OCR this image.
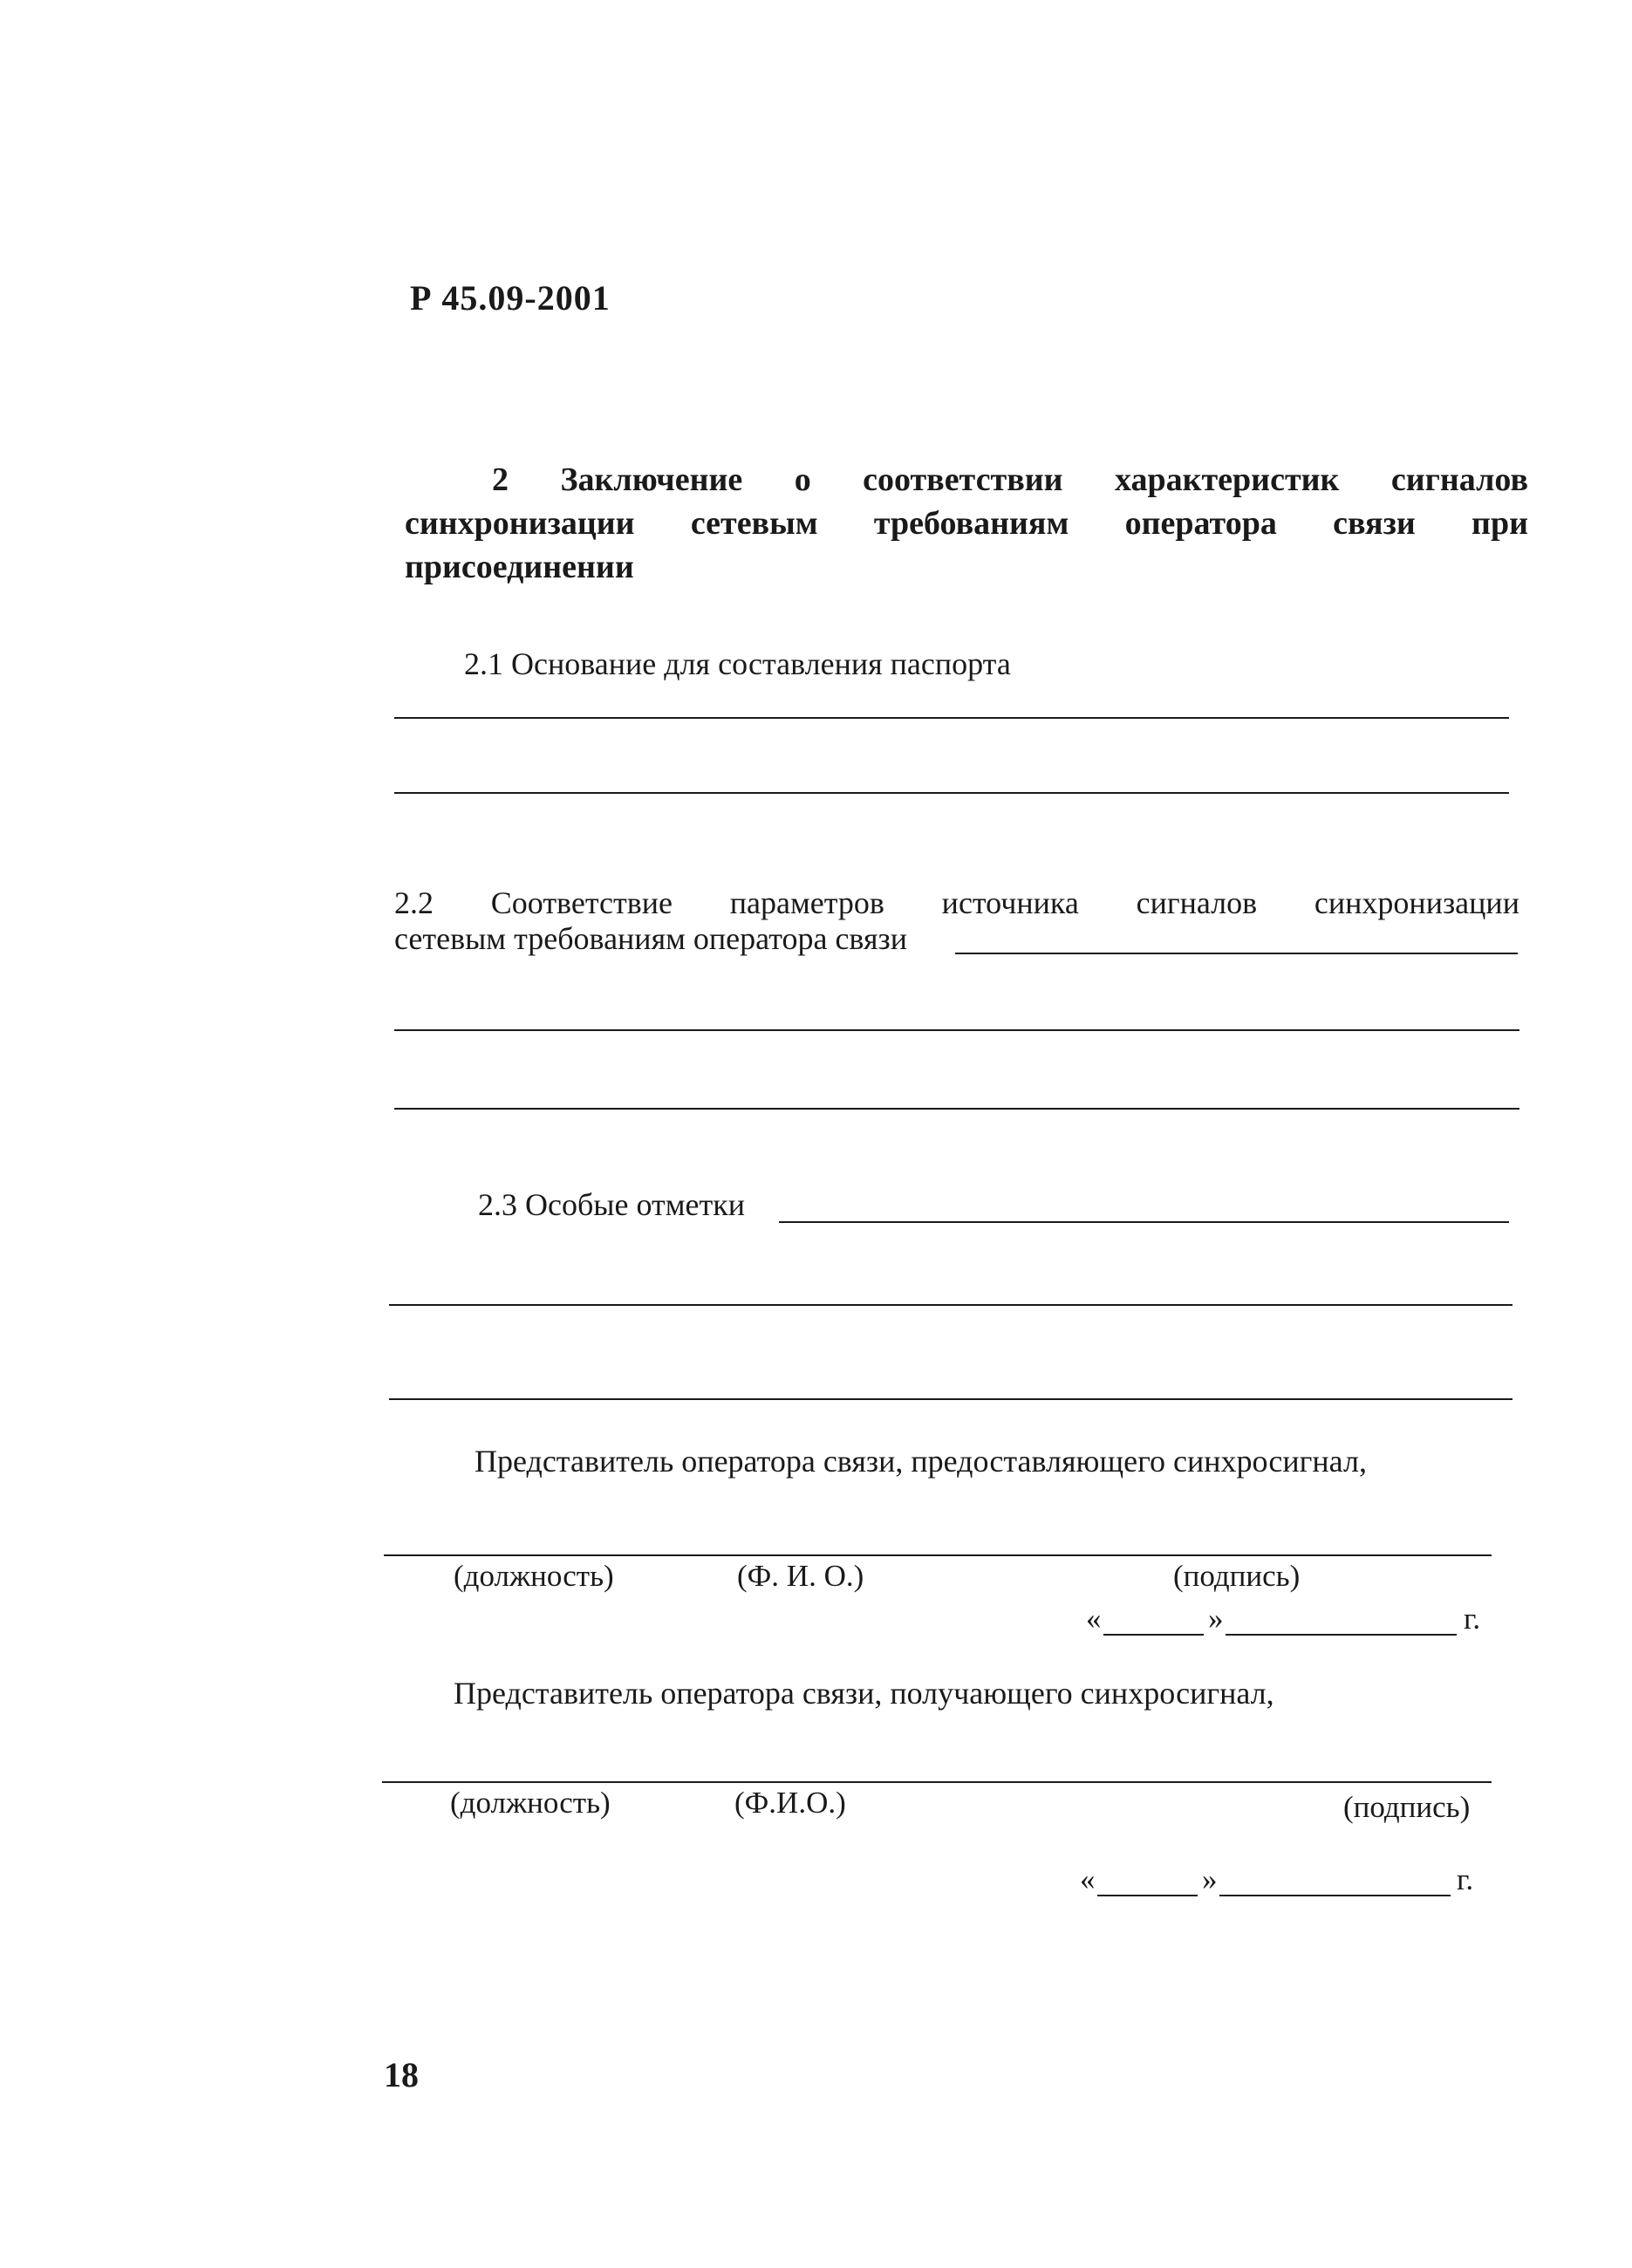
Р 45.09-2001
2 Заключение о соответствии характеристик сигналов
синхронизации сетевым требованиям оператора связи при
присоединении
2.1 Основание для составления паспорта
2.2 Соответствие параметров источника сигналов синхронизации
сетевым требованиям оператора связи
2.3 Особые отметки
Представитель оператора связи, предоставляющего синхросигнал,
(должность)	(Ф. И. О.)	(подпись)
«	»	г.
Представитель оператора связи, получающего синхросигнал,
(должность)	(Ф.И.О.)	(подпись)
«	»	г.
18
